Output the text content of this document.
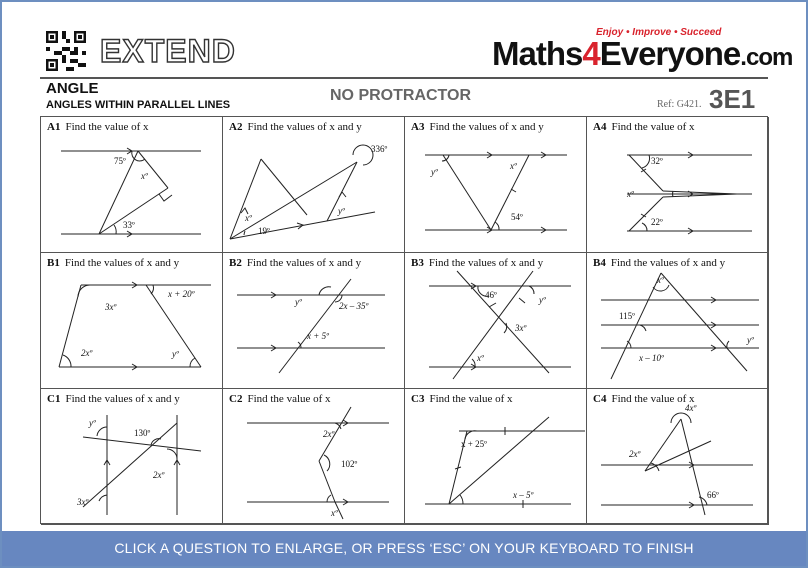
EXTEND
Enjoy • Improve • Succeed
Maths4Everyone.com
ANGLE
ANGLES WITHIN PARALLEL LINES
NO PROTRACTOR
Ref: G421. 3E1
A1 Find the value of x
75º
xº
33º
A2 Find the values of x and y
336º
xº
19º
yº
A3 Find the values of x and y
yº
xº
54º
A4 Find the value of x
32º
xº
22º
B1 Find the values of x and y
3xº
x + 20º
2xº	yº
B2 Find the values of x and y
yº	2x – 35º
x + 5º
B3 Find the values of x and y
46º	yº
3xº
xº
B4 Find the values of x and y
xº
115º
yº
x – 10º
C1 Find the values of x and y
yº
130º
3xº
2xº
C2 Find the value of x
2xº
102º
xº
C3 Find the value of x
x + 25º
x – 5º
C4 Find the value of x
4xº
2xº
66º
CLICK A QUESTION TO ENLARGE, OR PRESS ‘ESC’ ON YOUR KEYBOARD TO FINISH
